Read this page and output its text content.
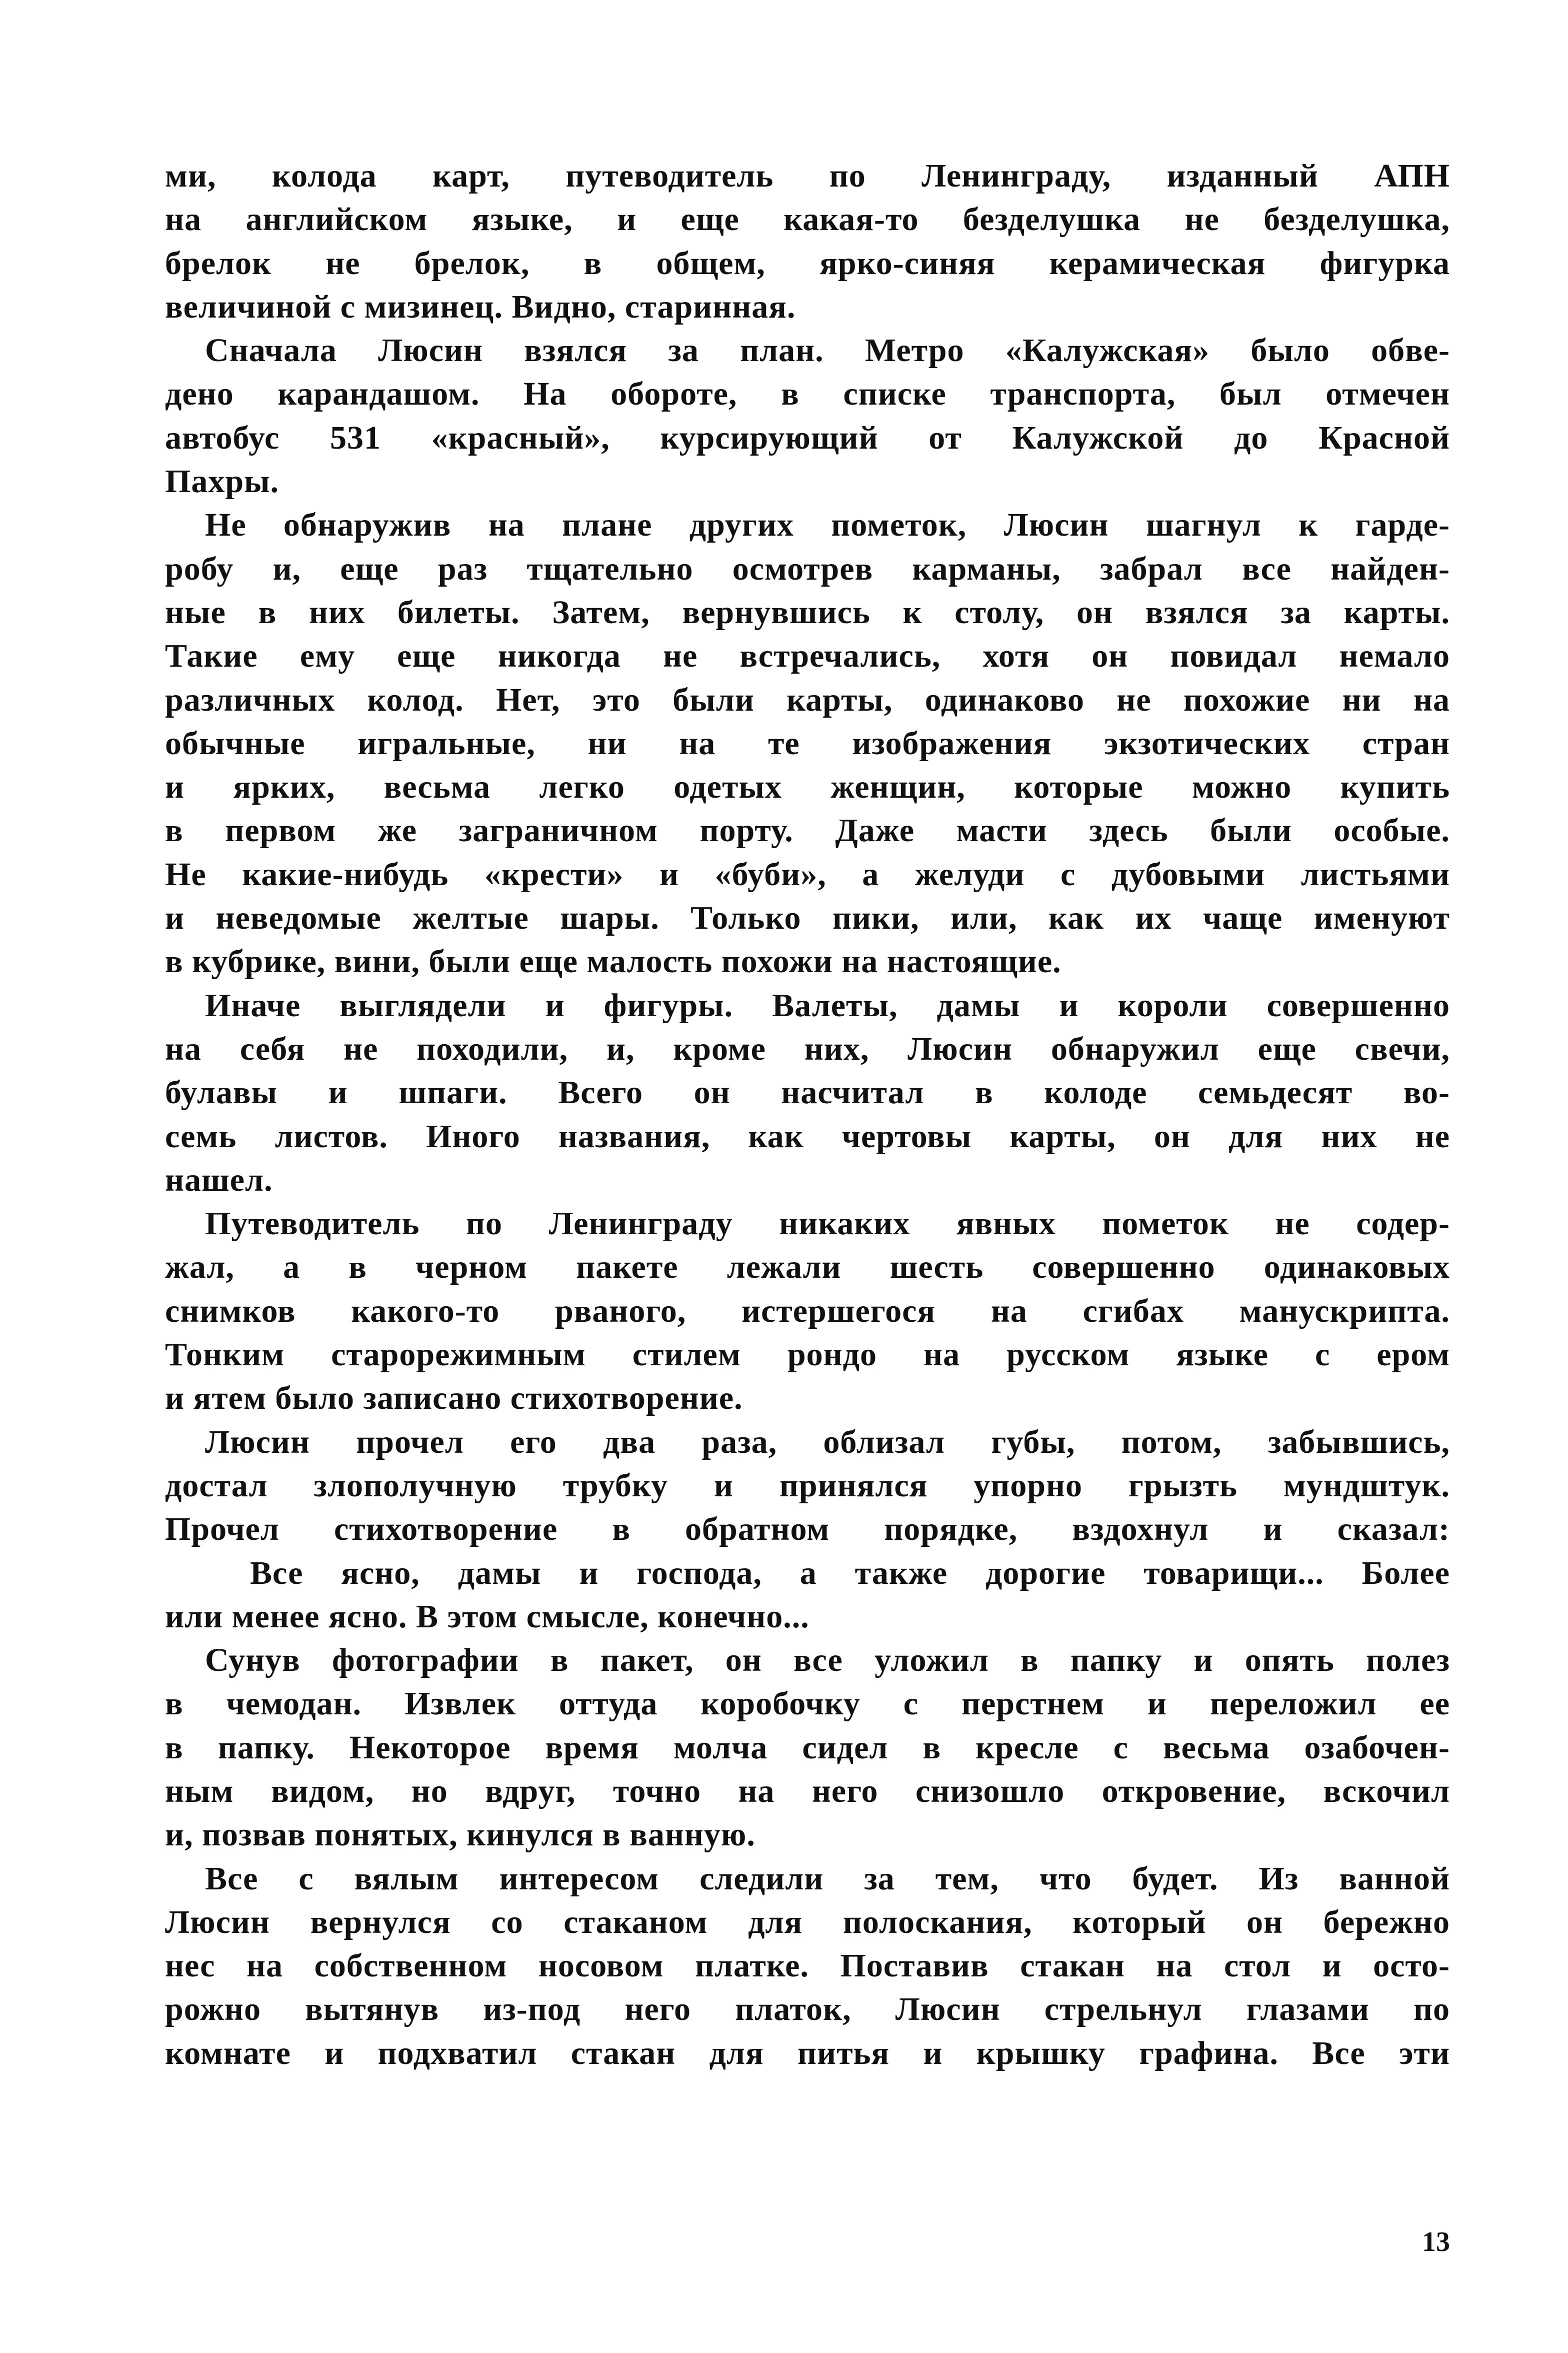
ми, колода карт, путеводитель по Ленинграду, изданный АПН
на английском языке, и еще какая-то безделушка не безделушка,
брелок не брелок, в общем, ярко-синяя керамическая фигурка
величиной с мизинец. Видно, старинная.
Сначала Люсин взялся за план. Метро «Калужская» было обве-
дено карандашом. На обороте, в списке транспорта, был отмечен
автобус 531 «красный», курсирующий от Калужской до Красной
Пахры.
Не обнаружив на плане других пометок, Люсин шагнул к гарде-
робу и, еще раз тщательно осмотрев карманы, забрал все найден-
ные в них билеты. Затем, вернувшись к столу, он взялся за карты.
Такие ему еще никогда не встречались, хотя он повидал немало
различных колод. Нет, это были карты, одинаково не похожие ни на
обычные игральные, ни на те изображения экзотических стран
и ярких, весьма легко одетых женщин, которые можно купить
в первом же заграничном порту. Даже масти здесь были особые.
Не какие-нибудь «крести» и «буби», а желуди с дубовыми листьями
и неведомые желтые шары. Только пики, или, как их чаще именуют
в кубрике, вини, были еще малость похожи на настоящие.
Иначе выглядели и фигуры. Валеты, дамы и короли совершенно
на себя не походили, и, кроме них, Люсин обнаружил еще свечи,
булавы и шпаги. Всего он насчитал в колоде семьдесят во-
семь листов. Иного названия, как чертовы карты, он для них не
нашел.
Путеводитель по Ленинграду никаких явных пометок не содер-
жал, а в черном пакете лежали шесть совершенно одинаковых
снимков какого-то рваного, истершегося на сгибах манускрипта.
Тонким старорежимным стилем рондо на русском языке с ером
и ятем было записано стихотворение.
Люсин прочел его два раза, облизал губы, потом, забывшись,
достал злополучную трубку и принялся упорно грызть мундштук.
Прочел стихотворение в обратном порядке, вздохнул и сказал:
Все ясно, дамы и господа, а также дорогие товарищи... Более
или менее ясно. В этом смысле, конечно...
Сунув фотографии в пакет, он все уложил в папку и опять полез
в чемодан. Извлек оттуда коробочку с перстнем и переложил ее
в папку. Некоторое время молча сидел в кресле с весьма озабочен-
ным видом, но вдруг, точно на него снизошло откровение, вскочил
и, позвав понятых, кинулся в ванную.
Все с вялым интересом следили за тем, что будет. Из ванной
Люсин вернулся со стаканом для полоскания, который он бережно
нес на собственном носовом платке. Поставив стакан на стол и осто-
рожно вытянув из-под него платок, Люсин стрельнул глазами по
комнате и подхватил стакан для питья и крышку графина. Все эти
13
